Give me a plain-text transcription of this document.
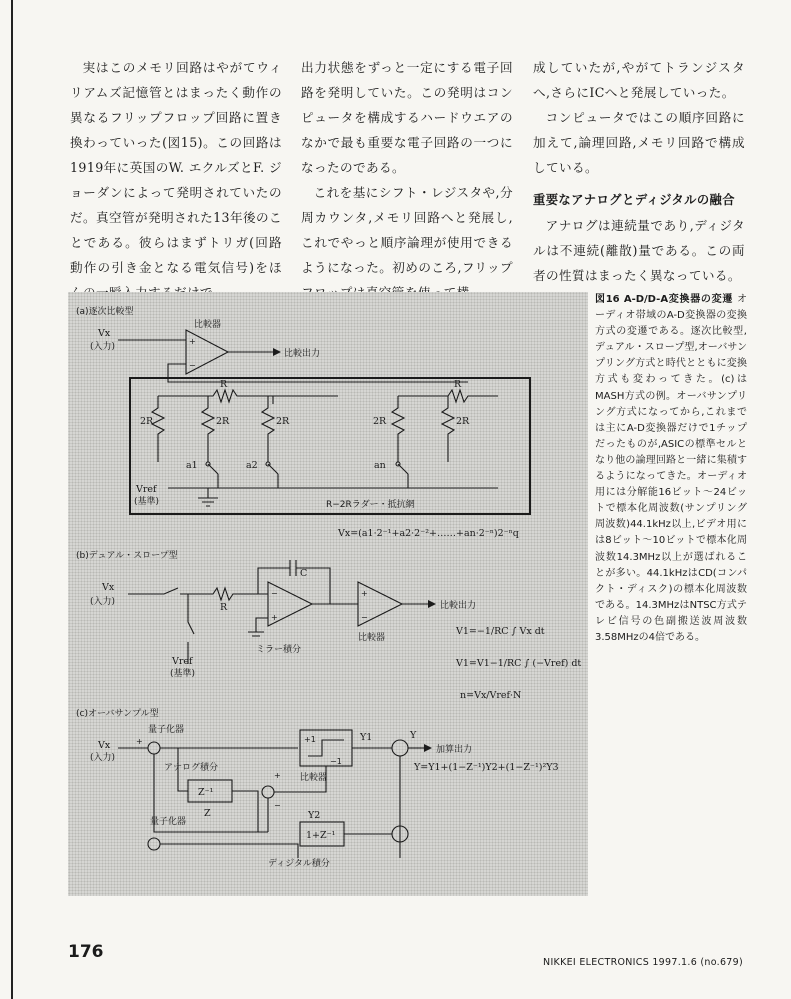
実はこのメモリ回路はやがてウィリアムズ記憶管とはまったく動作の異なるフリップフロップ回路に置き換わっていった(図15)。この回路は1919年に英国のW. エクルズとF. ジョーダンによって発明されていたのだ。真空管が発明された13年後のことである。彼らはまずトリガ(回路動作の引き金となる電気信号)をほ

出力状態をずっと一定にする電子回路を発明していた。この発明はコンピュータを構成するハードウエアのなかで最も重要な電子回路の一つになったのである。

これを基にシフト・レジスタや,分周カウンタ,メモリ回路へと発展し,これでやっと順序論理が使用できるようになった。初めのころ,フリップ

成していたが,やがてトランジスタへ,さらにICへと発展していった。

コンピュータではこの順序回路に加えて,論理回路,メモリ回路で構成している。

重要なアナログとディジタルの融合

アナログは連続量であり,ディジタルは不連続(離散)量である。この両者の性質はまったく異なっている。

(a)逐次比較型
Vx
(入力)
+
−
比較器
比較出力
R	R
2R	2R	2R	2R	2R
a1	a2	an
Vref
(基準)	R−2Rラダー・抵抗網
Vx=(a1·2⁻¹+a2·2⁻²+……+an·2⁻ⁿ)2⁻ⁿq
(b)デュアル・スロープ型
Vx
(入力)	R
Vref
(基準)
−
+
C
ミラー積分
+
−
比較出力
比較器
V1=−1/RC ∫ Vx dt
V1=V1−1/RC ∫ (−Vref) dt
n=Vx/Vref·N
(c)オーバサンプル型
量子化器
Vx
(入力)
+
アナログ積分
Z⁻¹
Z
+1
−1
比較器
Y1	Y
加算出力
Y=Y1+(1−Z⁻¹)Y2+(1−Z⁻¹)²Y3
+
−
量子化器
1+Z⁻¹
Y2
ディジタル積分
図16 A-D/D-A変換器の変遷 オーディオ帯域のA-D変換器の変換方式の変遷である。逐次比較型,デュアル・スロープ型,オーバサンプリング方式と時代とともに変換方式も変わってきた。(c)はMASH方式の例。オーバサンプリング方式になってから,これまでは主にA-D変換器だけで1チップだったものが,ASICの標準セルとなり他の論理回路と一緒に集積するようになってきた。オーディオ用には分解能16ビット〜24ビットで標本化周波数(サンプリング周波数)44.1kHz以上,ビデオ用には8ビット〜10ビットで標本化周波数14.3MHz以上が選ばれることが多い。44.1kHzはCD(コンパクト・ディスク)の標本化周波数である。14.3MHzはNTSC方式テレビ信号の色副搬送波周波数3.58MHzの4倍である。
176
NIKKEI ELECTRONICS 1997.1.6 (no.679)
